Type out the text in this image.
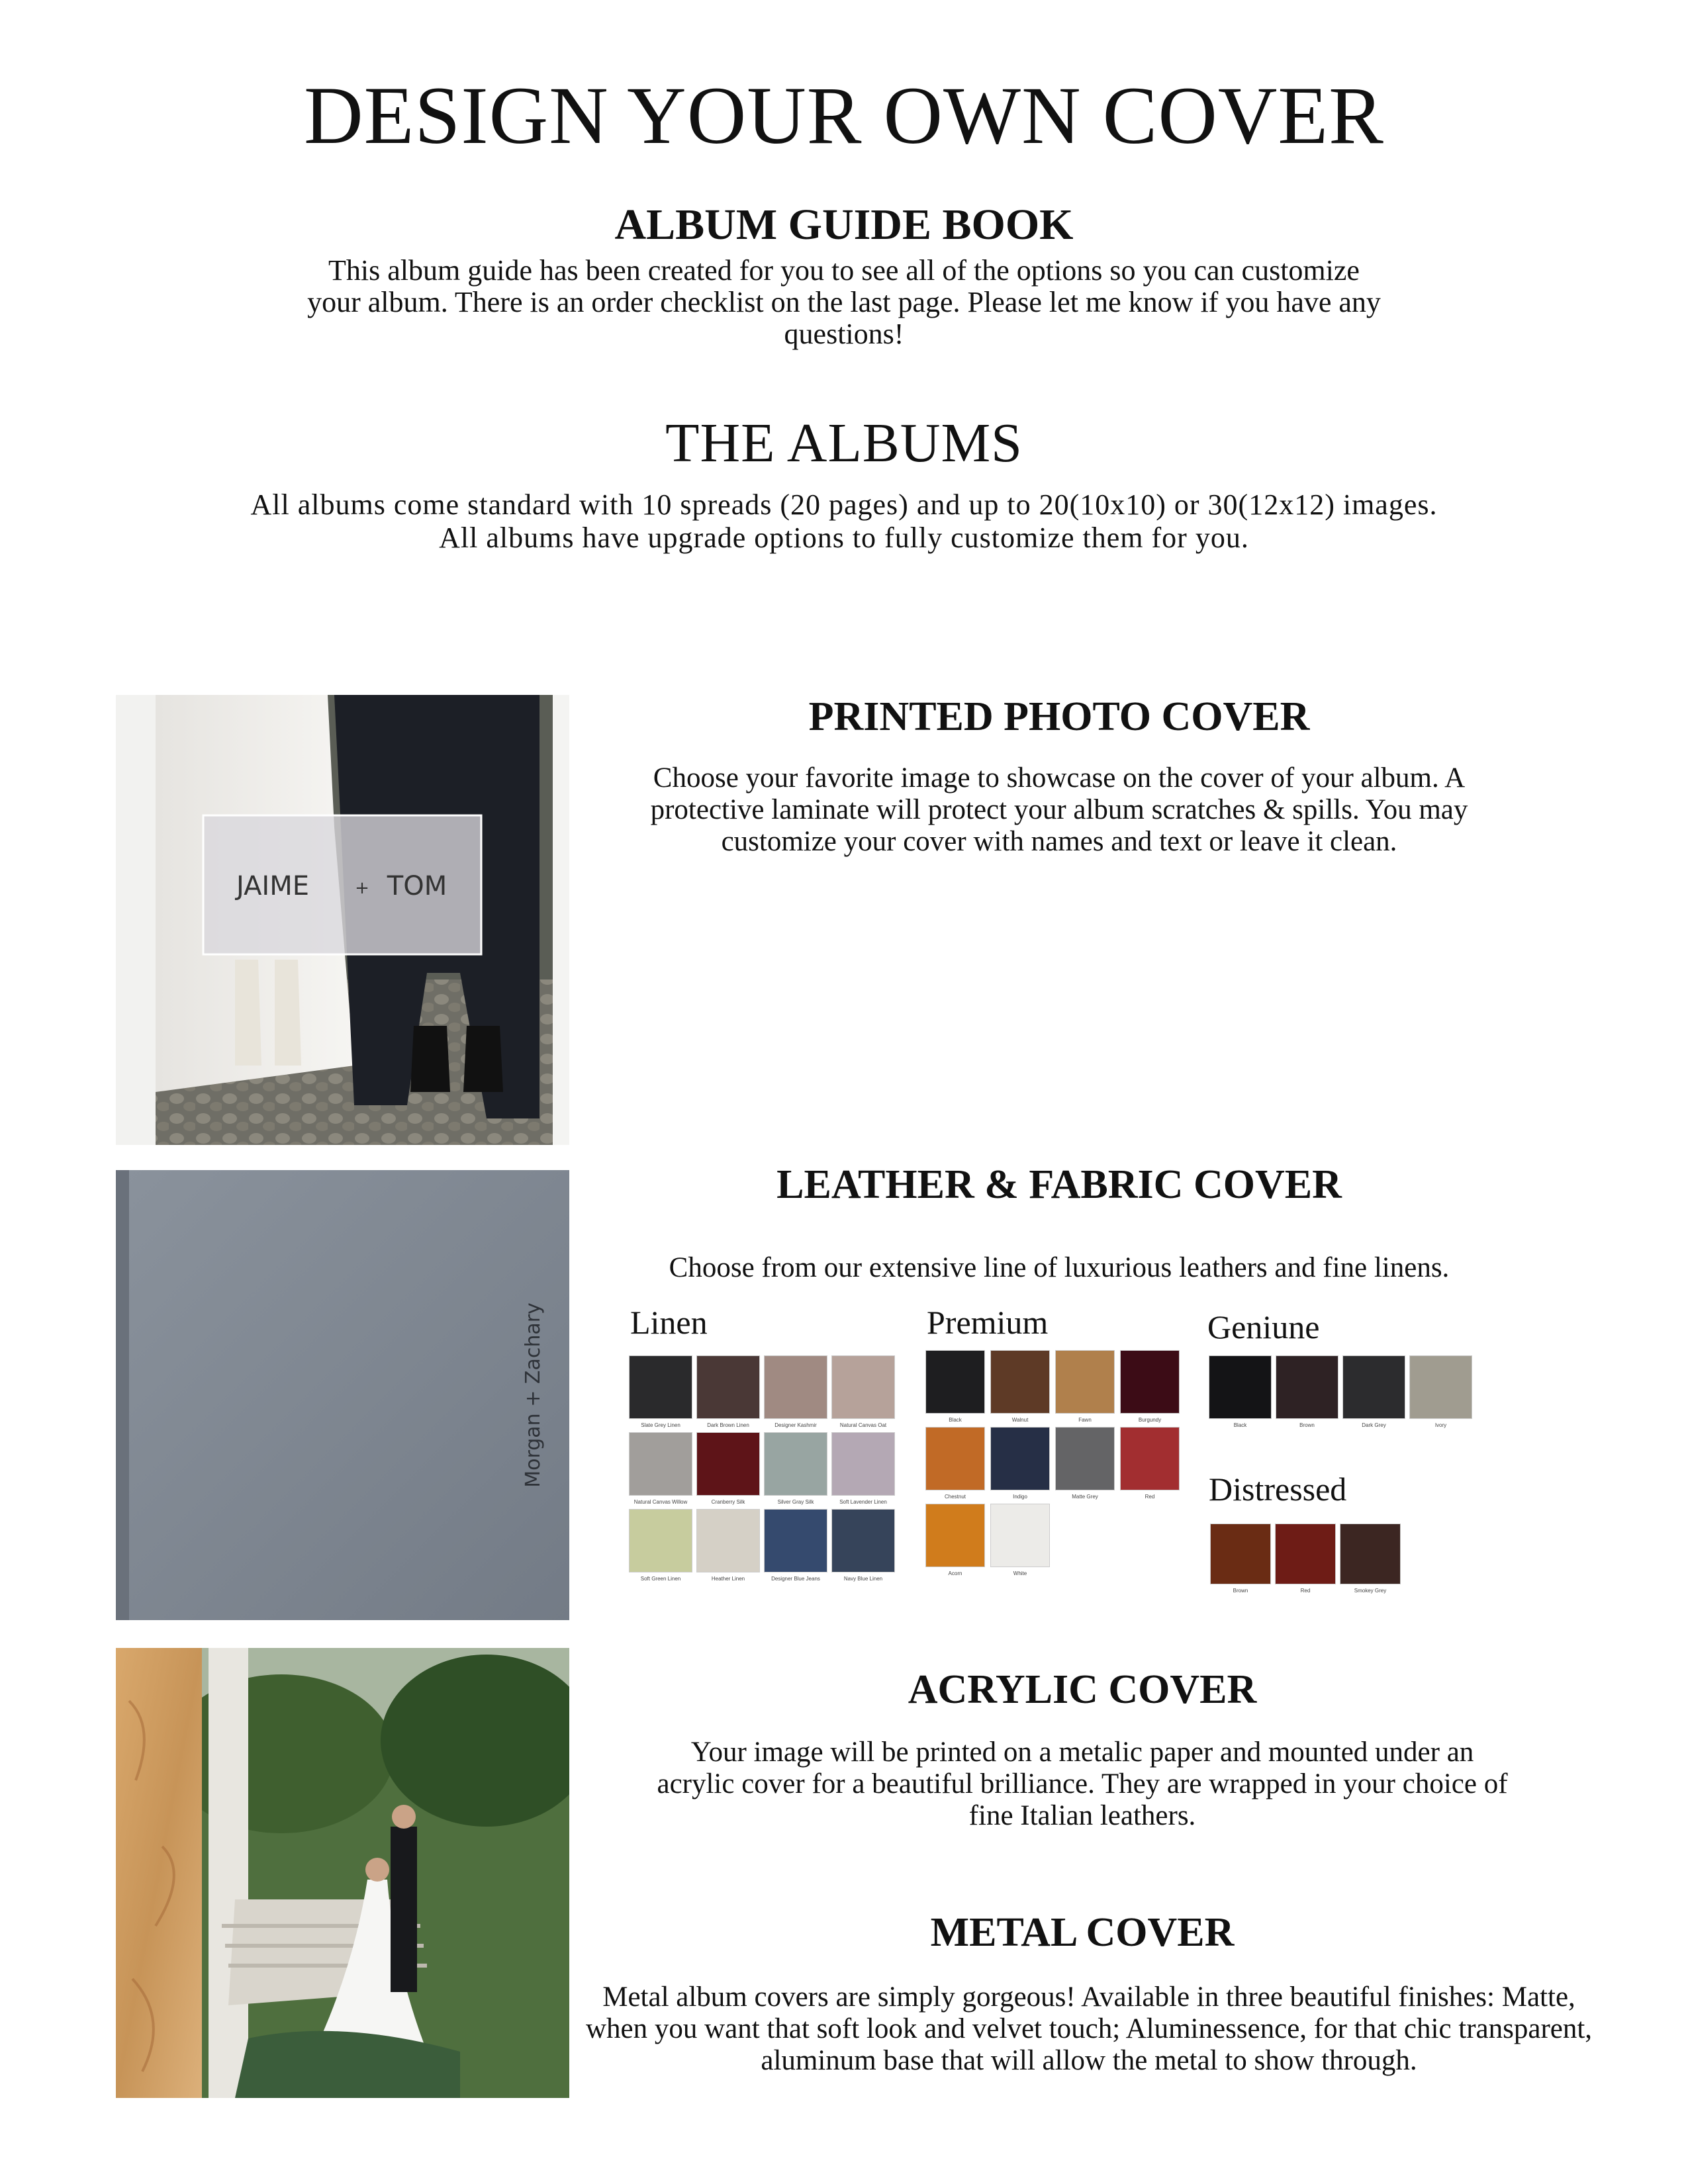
DESIGN YOUR OWN COVER
ALBUM GUIDE BOOK
This album guide has been created for you to see all of the options so you can customize your album. There is an order checklist on the last page. Please let me know if you have any questions!
THE ALBUMS
All albums come standard with 10 spreads (20 pages) and up to 20(10x10) or 30(12x12) images.
All albums have upgrade options to fully customize them for you.
JAIME	+ TOM
PRINTED PHOTO COVER
Choose your favorite image to showcase on the cover of your album. A protective laminate will protect your album scratches & spills. You may customize your cover with names and text or leave it clean.
Morgan + Zachary
LEATHER & FABRIC COVER
Choose from our extensive line of luxurious leathers and fine linens.
Linen	Premium	Geniune
Distressed
Slate Grey Linen	Dark Brown Linen	Designer Kashmir	Natural Canvas Oat
Natural Canvas Willow	Cranberry Silk	Silver Gray Silk	Soft Lavender Linen
Soft Green Linen	Heather Linen	Designer Blue Jeans	Navy Blue Linen
Black	Walnut	Fawn	Burgundy
Chestnut	Indigo	Matte Grey	Red
Acorn	White
Black	Brown	Dark Grey	Ivory
Brown	Red	Smokey Grey
ACRYLIC COVER
Your image will be printed on a metalic paper and mounted under an acrylic cover for a beautiful brilliance. They are wrapped in your choice of fine Italian leathers.
METAL COVER
Metal album covers are simply gorgeous! Available in three beautiful finishes: Matte, when you want that soft look and velvet touch; Aluminessence, for that chic transparent, aluminum base that will allow the metal to show through.
